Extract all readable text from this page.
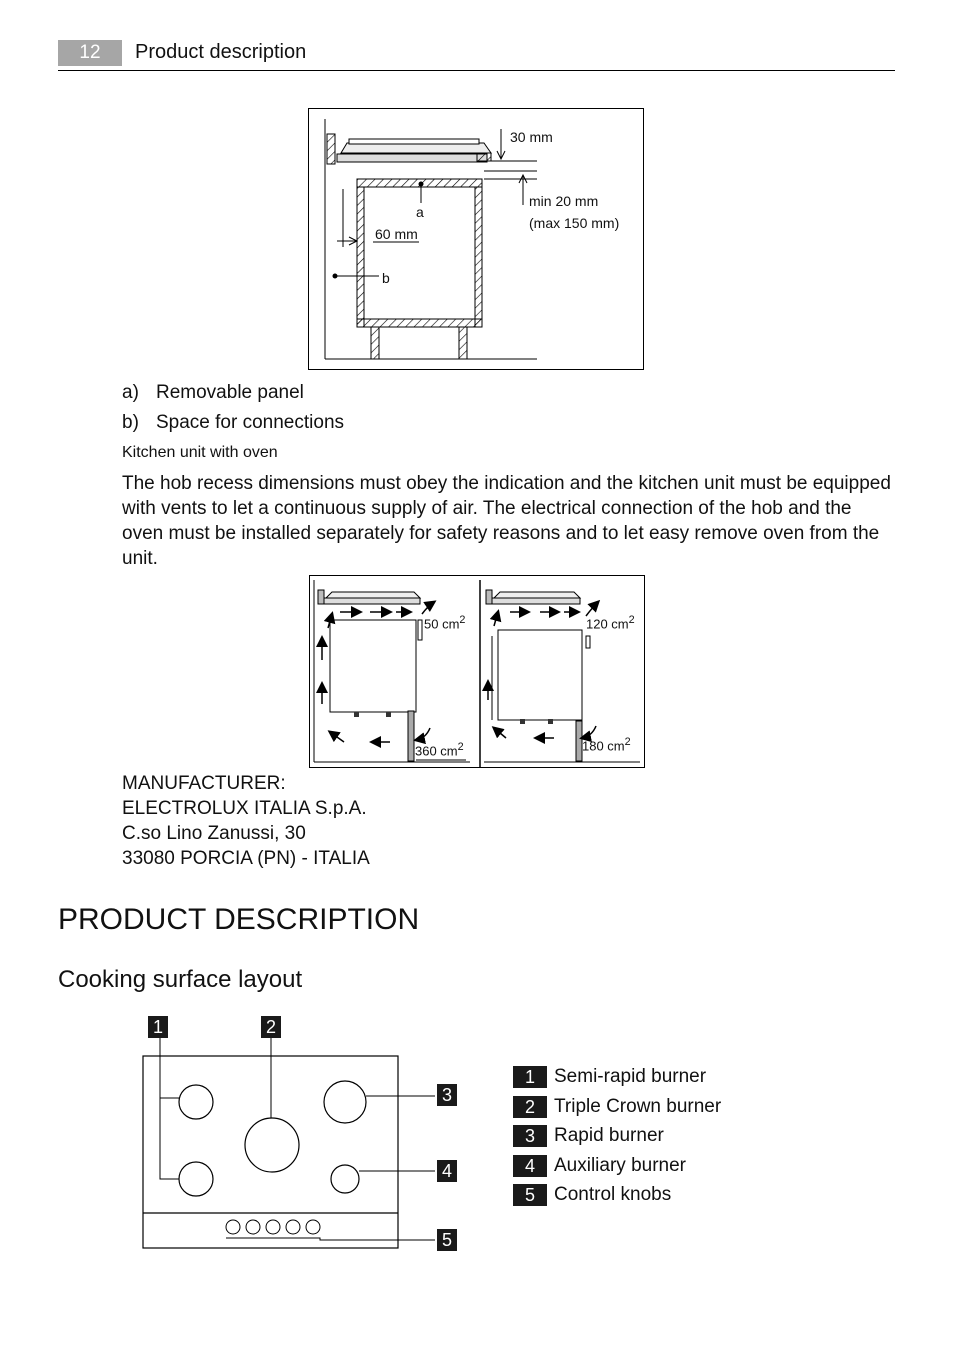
12	Product description
30 mm
min 20 mm
(max 150 mm)
a
60 mm
b
a) Removable panel
b) Space for connections
Kitchen unit with oven
The hob recess dimensions must obey the indication and the kitchen unit must be equipped with vents to let a continuous supply of air. The electrical connection of the hob and the oven must be installed separately for safety reasons and to let easy remove oven from the unit.
50 $cm^2$
360 $cm^2$
120 $cm^2$
180 $cm^2$
MANUFACTURER:
ELECTROLUX ITALIA S.p.A.
C.so Lino Zanussi, 30
33080 PORCIA (PN) - ITALIA
PRODUCT DESCRIPTION
Cooking surface layout
1	2
3
4
5
1	Semi-rapid burner
2	Triple Crown burner
3	Rapid burner
4	Auxiliary burner
5	Control knobs
